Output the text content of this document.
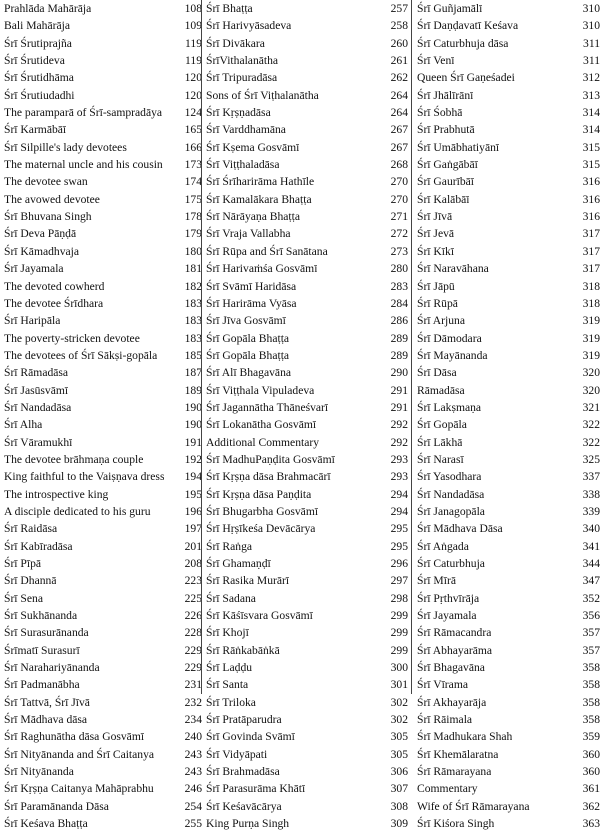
Prahlāda Mahārāja	108
Bali Mahārāja	109
Śrī Śrutiprajña	119
Śrī Śrutideva	119
Śrī Śrutidhāma	120
Śrī Śrutiudadhi	120
The paramparā of Śrī-sampradāya 124
Śrī Karmābāī	165
Śrī Silpille's lady devotees	166
The maternal uncle and his cousin 173
The devotee swan	174
The avowed devotee	175
Śrī Bhuvana Singh	178
Śrī Deva Pāṇḍā	179
Śrī Kāmadhvaja	180
Śrī Jayamala	181
The devoted cowherd	182
The devotee Śrīdhara	183
Śrī Haripāla	183
The poverty-stricken devotee	183
The devotees of Śrī Sākṣi-gopāla 185
Śrī Rāmadāsa	187
Śrī Jasūsvāmī	189
Śrī Nandadāsa	190
Śrī Alha	190
Śrī Vāramukhī	191
The devotee brāhmaṇa couple	192
King faithful to the Vaiṣṇava dress 194
The introspective king	195
A disciple dedicated to his guru	196
Śrī Raidāsa	197
Śrī Kabīradāsa	201
Śrī Pīpā	208
Śrī Dhannā	223
Śrī Sena	225
Śrī Sukhānanda	226
Śrī Surasurānanda	228
Śrīmatī Surasurī	229
Śrī Narahariyānanda	229
Śrī Padmanābha	231
Śrī Tattvā, Śrī Jīvā	232
Śrī Mādhava dāsa	234
Śrī Raghunātha dāsa Gosvāmī	240
Śrī Nityānanda and Śrī Caitanya	243
Śrī Nityānanda	243
Śrī Kṛṣṇa Caitanya Mahāprabhu	246
Śrī Paramānanda Dāsa	254
Śrī Keśava Bhaṭṭa	255
Śrī Bhaṭṭa	257
Śrī Harivyāsadeva	258
Śrī Divākara	260
ŚrīVithalanātha	261
Śrī Tripuradāsa	262
Sons of Śrī Viṭhalanātha	264
Śrī Kṛṣṇadāsa	264
Śrī Varddhamāna	267
Śrī Kṣema Gosvāmī	267
Śrī Viṭṭhaladāsa	268
Śrī Śrīharirāma Hathīle	270
Śrī Kamalākara Bhaṭṭa	270
Śrī Nārāyaṇa Bhaṭṭa	271
Śrī Vraja Vallabha	272
Śrī Rūpa and Śrī Sanātana	273
Śrī Harivaṁśa Gosvāmī	280
Śrī Svāmī Haridāsa	283
Śrī Harirāma Vyāsa	284
Śrī Jīva Gosvāmī	286
Śrī Gopāla Bhaṭṭa	289
Śrī Gopāla Bhaṭṭa	289
Śrī Alī Bhagavāna	290
Śrī Viṭṭhala Vipuladeva	291
Śrī Jagannātha Thāneśvarī	291
Śrī Lokanātha Gosvāmī	292
Additional Commentary	292
Śrī MadhuPaṇḍita Gosvāmī	293
Śrī Kṛṣṇa dāsa Brahmacārī	293
Śrī Kṛṣṇa dāsa Paṇḍita	294
Śrī Bhugarbha Gosvāmī	294
Śrī Hṛṣīkeśa Devācārya	295
Śrī Raṅga	295
Śrī Ghamaṇḍī	296
Śrī Rasika Murārī	297
Śrī Sadana	298
Śrī Kāśīsvara Gosvāmī	299
Śrī Khojī	299
Śrī Rāṅkabāṅkā	299
Śrī Laḍḍu	300
Śrī Santa	301
Śrī Triloka	302
Śrī Pratāparudra	302
Śrī Govinda Svāmī	305
Śrī Vidyāpati	305
Śrī Brahmadāsa	306
Śrī Parasurāma Khātī	307
Śrī Keśavācārya	308
King Purṇa Singh	309
Śrī Guñjamālī	310
Śrī Daṇḍavatī Keśava	310
Śrī Caturbhuja dāsa	311
Śrī Venī	311
Queen Śrī Gaṇeśadei	312
Śrī Jhālīrānī	313
Śrī Śobhā	314
Śrī Prabhutā	314
Śrī Umābhatiyānī	315
Śrī Gaṅgābāī	315
Śrī Gaurībāī	316
Śrī Kalābāī	316
Śrī Jīvā	316
Śrī Jevā	317
Śrī Kīkī	317
Śrī Naravāhana	317
Śrī Jāpū	318
Śrī Rūpā	318
Śrī Arjuna	319
Śrī Dāmodara	319
Śrī Mayānanda	319
Śrī Dāsa	320
Rāmadāsa	320
Śrī Lakṣmaṇa	321
Śrī Gopāla	322
Śrī Lākhā	322
Śrī Narasī	325
Śrī Yasodhara	337
Śrī Nandadāsa	338
Śrī Janagopāla	339
Śrī Mādhava Dāsa	340
Śrī Aṅgada	341
Śrī Caturbhuja	344
Śrī Mīrā	347
Śrī Pṛthvīrāja	352
Śrī Jayamala	356
Śrī Rāmacandra	357
Śrī Abhayarāma	357
Śrī Bhagavāna	358
Śrī Vīrama	358
Śrī Akhayarāja	358
Śrī Rāimala	358
Śrī Madhukara Shah	359
Śrī Khemālaratna	360
Śrī Rāmarayana	360
Commentary	361
Wife of Śrī Rāmarayana	362
Śrī Kiśora Singh	363
